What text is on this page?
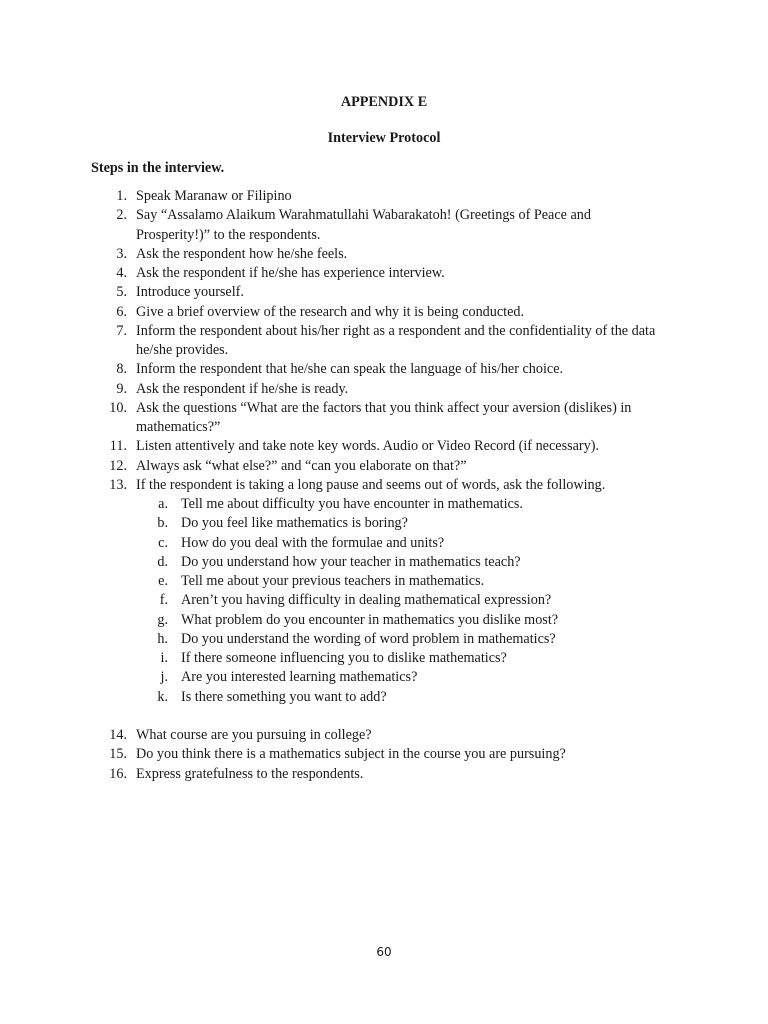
APPENDIX E
Interview Protocol
Steps in the interview.
1. Speak Maranaw or Filipino
2. Say “Assalamo Alaikum Warahmatullahi Wabarakatoh! (Greetings of Peace and Prosperity!)” to the respondents.
3. Ask the respondent how he/she feels.
4. Ask the respondent if he/she has experience interview.
5. Introduce yourself.
6. Give a brief overview of the research and why it is being conducted.
7. Inform the respondent about his/her right as a respondent and the confidentiality of the data he/she provides.
8. Inform the respondent that he/she can speak the language of his/her choice.
9. Ask the respondent if he/she is ready.
10. Ask the questions “What are the factors that you think affect your aversion (dislikes) in mathematics?”
11. Listen attentively and take note key words. Audio or Video Record (if necessary).
12. Always ask “what else?” and “can you elaborate on that?”
13. If the respondent is taking a long pause and seems out of words, ask the following.
a. Tell me about difficulty you have encounter in mathematics.
b. Do you feel like mathematics is boring?
c. How do you deal with the formulae and units?
d. Do you understand how your teacher in mathematics teach?
e. Tell me about your previous teachers in mathematics.
f. Aren’t you having difficulty in dealing mathematical expression?
g. What problem do you encounter in mathematics you dislike most?
h. Do you understand the wording of word problem in mathematics?
i. If there someone influencing you to dislike mathematics?
j. Are you interested learning mathematics?
k. Is there something you want to add?
14. What course are you pursuing in college?
15. Do you think there is a mathematics subject in the course you are pursuing?
16. Express gratefulness to the respondents.
60
